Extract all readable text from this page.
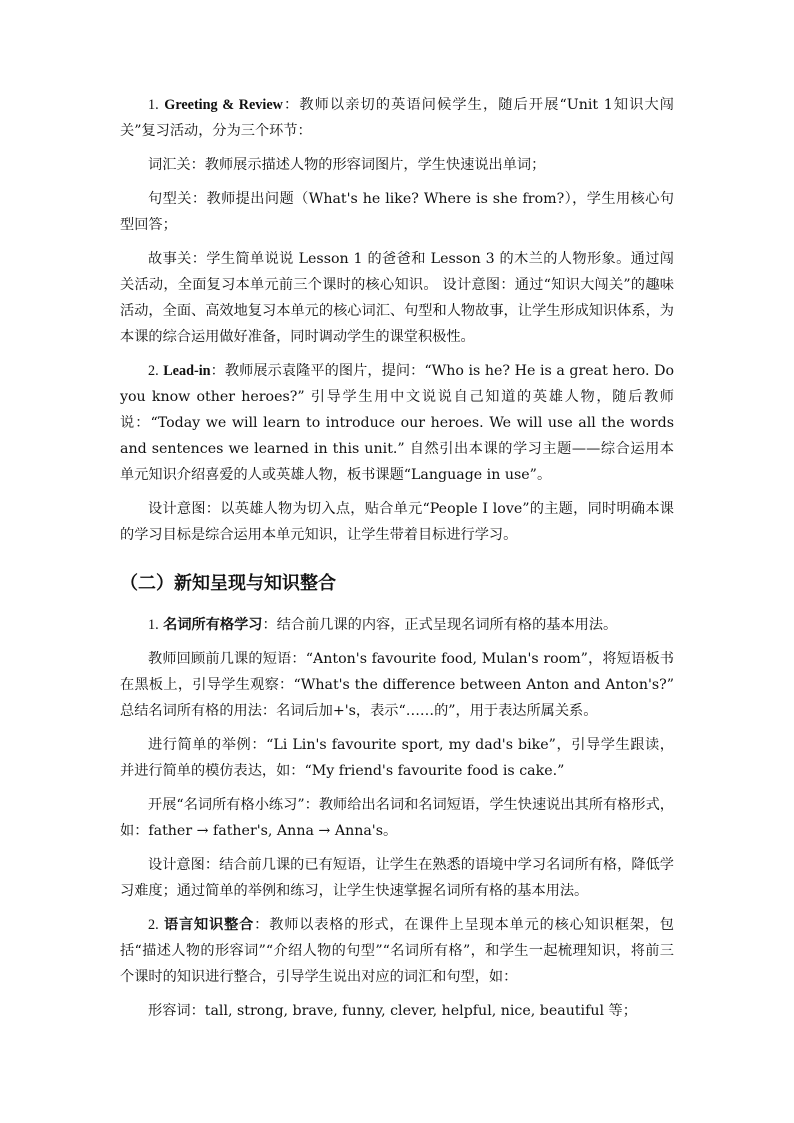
1. Greeting & Review：教师以亲切的英语问候学生，随后开展“Unit 1知识大闯关”复习活动，分为三个环节：

词汇关：教师展示描述人物的形容词图片，学生快速说出单词；

句型关：教师提出问题（What's he like? Where is she from?），学生用核心句型回答；

故事关：学生简单说说 Lesson 1 的爸爸和 Lesson 3 的木兰的人物形象。通过闯关活动，全面复习本单元前三个课时的核心知识。 设计意图：通过“知识大闯关”的趣味活动，全面、高效地复习本单元的核心词汇、句型和人物故事，让学生形成知识体系，为本课的综合运用做好准备，同时调动学生的课堂积极性。

2. Lead-in：教师展示袁隆平的图片，提问：“Who is he? He is a great hero. Do you know other heroes?” 引导学生用中文说说自己知道的英雄人物，随后教师说：“Today we will learn to introduce our heroes. We will use all the words and sentences we learned in this unit.” 自然引出本课的学习主题——综合运用本单元知识介绍喜爱的人或英雄人物，板书课题“Language in use”。

设计意图：以英雄人物为切入点，贴合单元“People I love”的主题，同时明确本课的学习目标是综合运用本单元知识，让学生带着目标进行学习。

（二）新知呈现与知识整合

1. 名词所有格学习：结合前几课的内容，正式呈现名词所有格的基本用法。

教师回顾前几课的短语：“Anton's favourite food, Mulan's room”，将短语板书在黑板上，引导学生观察：“What's the difference between Anton and Anton's?” 总结名词所有格的用法：名词后加+'s，表示“……的”，用于表达所属关系。

进行简单的举例：“Li Lin's favourite sport, my dad's bike”，引导学生跟读，并进行简单的模仿表达，如：“My friend's favourite food is cake.”

开展“名词所有格小练习”：教师给出名词和名词短语，学生快速说出其所有格形式，如：father → father's, Anna → Anna's。

设计意图：结合前几课的已有短语，让学生在熟悉的语境中学习名词所有格，降低学习难度；通过简单的举例和练习，让学生快速掌握名词所有格的基本用法。

2. 语言知识整合：教师以表格的形式，在课件上呈现本单元的核心知识框架，包括“描述人物的形容词”“介绍人物的句型”“名词所有格”，和学生一起梳理知识，将前三个课时的知识进行整合，引导学生说出对应的词汇和句型，如：

形容词：tall, strong, brave, funny, clever, helpful, nice, beautiful 等；
